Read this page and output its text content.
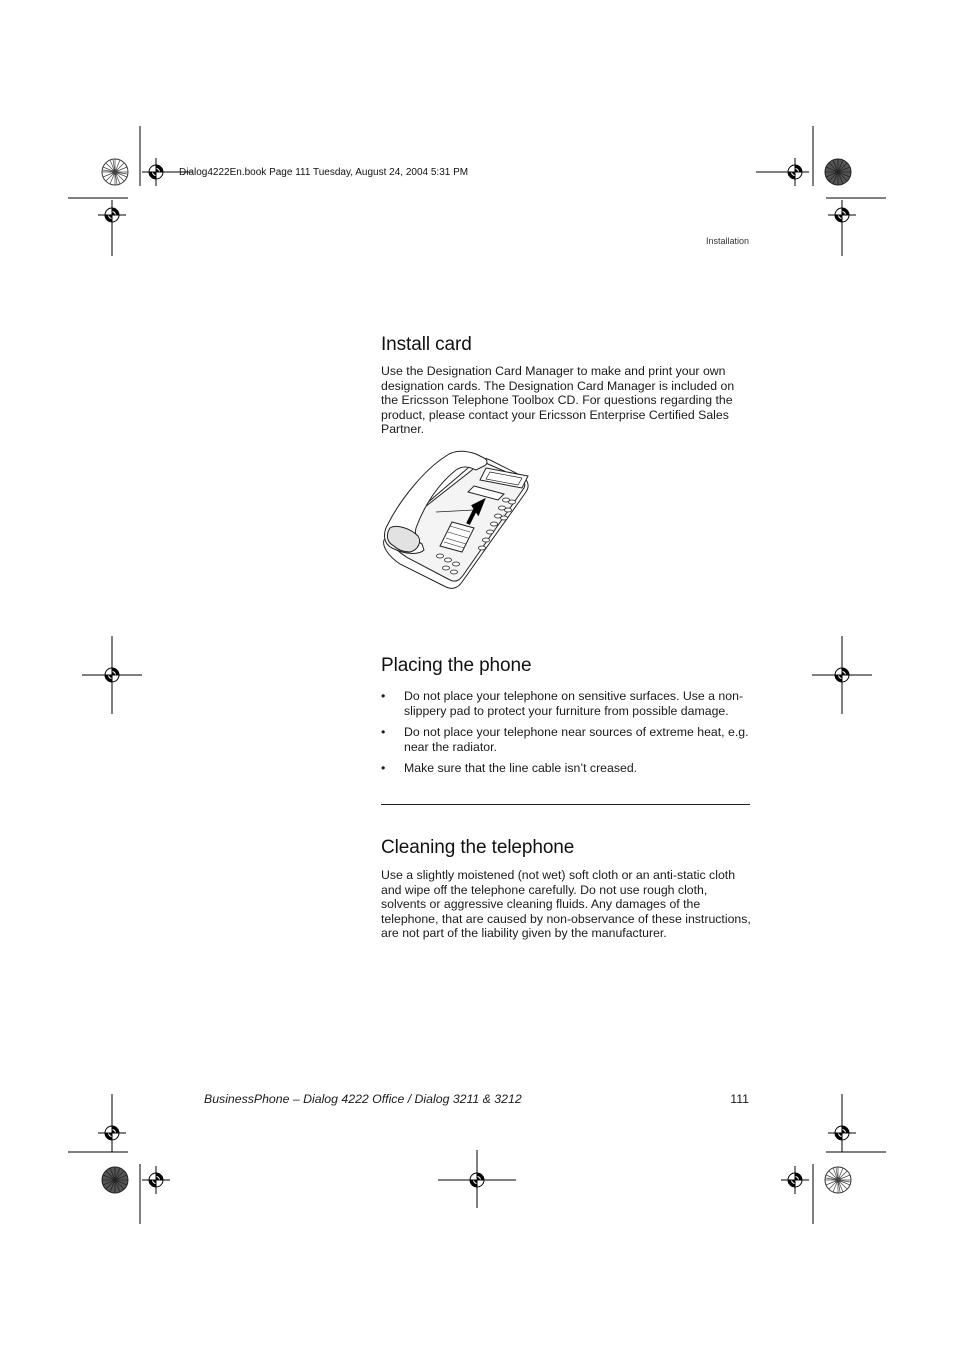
Dialog4222En.book Page 111 Tuesday, August 24, 2004 5:31 PM
Installation
Install card

Use the Designation Card Manager to make and print your own designation cards. The Designation Card Manager is included on the Ericsson Telephone Toolbox CD. For questions regarding the product, please contact your Ericsson Enterprise Certified Sales Partner.

Placing the phone
• Do not place your telephone on sensitive surfaces. Use a non-slippery pad to protect your furniture from possible damage.
• Do not place your telephone near sources of extreme heat, e.g. near the radiator.
• Make sure that the line cable isn’t creased.
Cleaning the telephone

Use a slightly moistened (not wet) soft cloth or an anti-static cloth and wipe off the telephone carefully. Do not use rough cloth, solvents or aggressive cleaning fluids. Any damages of the telephone, that are caused by non-observance of these instructions, are not part of the liability given by the manufacturer.

BusinessPhone – Dialog 4222 Office / Dialog 3211 & 3212	111
